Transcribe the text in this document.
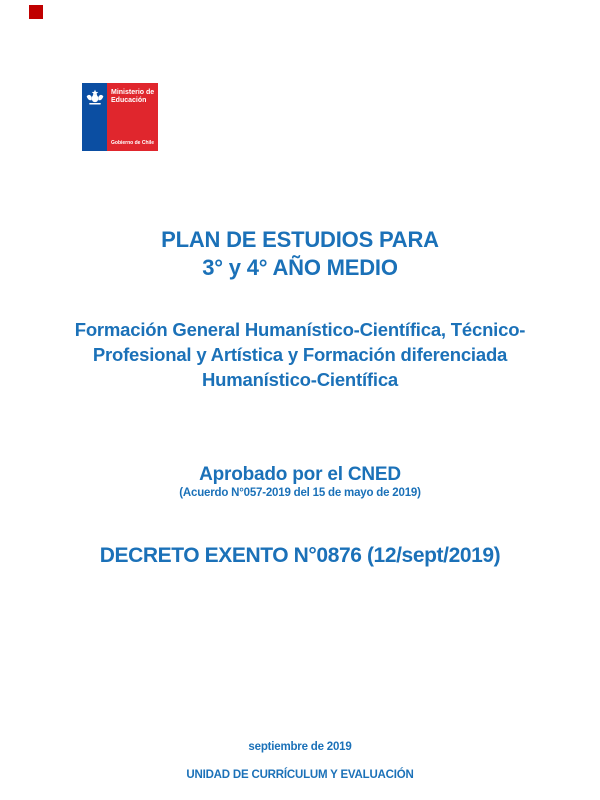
Ministerio de
Educación
Gobierno de Chile
PLAN DE ESTUDIOS PARA
3° y 4° AÑO MEDIO
Formación General Humanístico-Científica, Técnico-
Profesional y Artística y Formación diferenciada
Humanístico-Científica
Aprobado por el CNED
(Acuerdo N°057-2019 del 15 de mayo de 2019)
DECRETO EXENTO N°0876 (12/sept/2019)
septiembre de 2019
UNIDAD DE CURRÍCULUM Y EVALUACIÓN
